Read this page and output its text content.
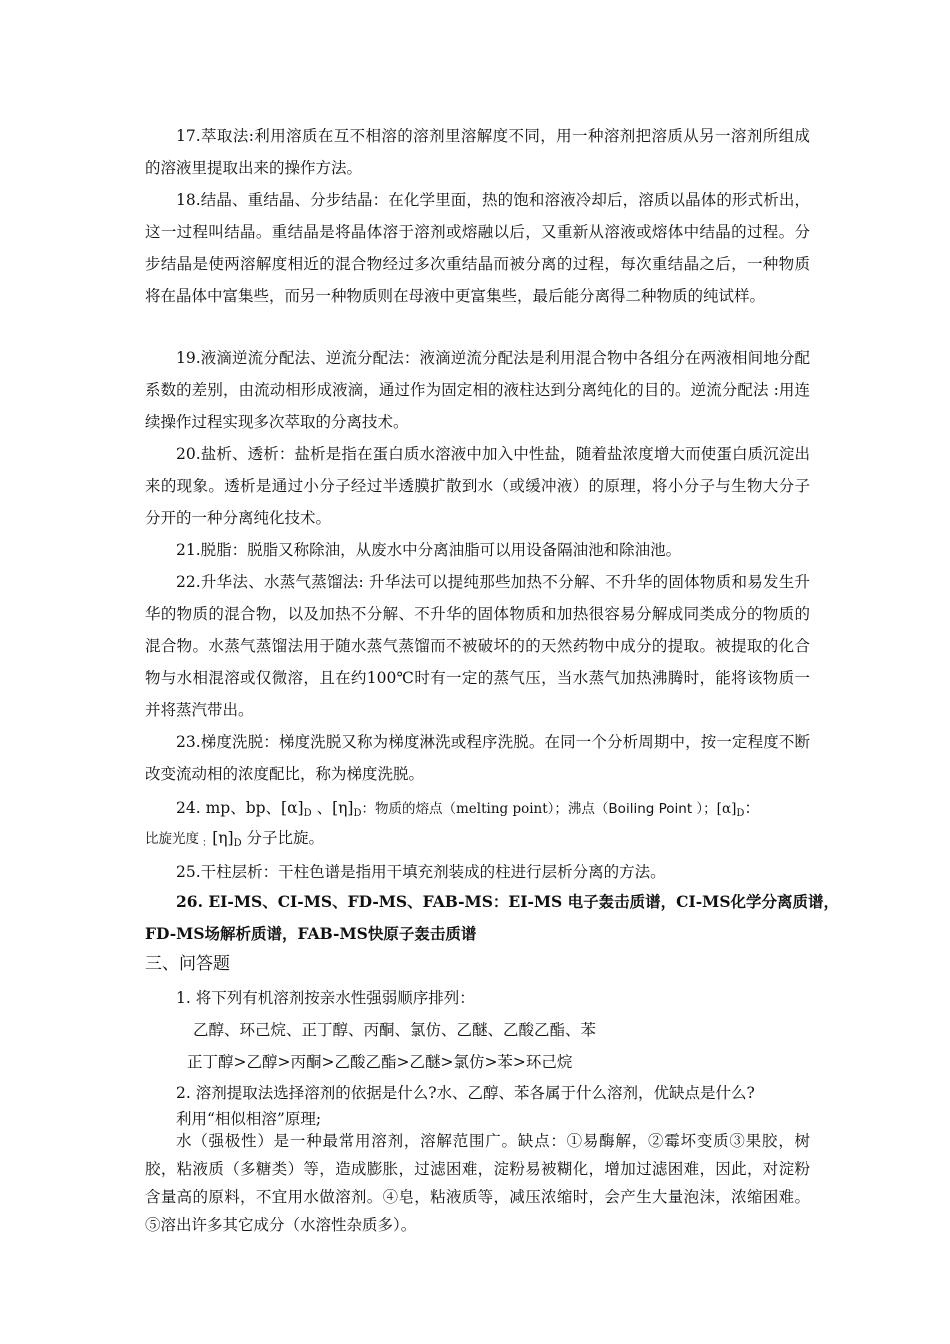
17.萃取法:利用溶质在互不相溶的溶剂里溶解度不同，用一种溶剂把溶质从另一溶剂所组成的溶液里提取出来的操作方法。

18.结晶、重结晶、分步结晶：在化学里面，热的饱和溶液冷却后，溶质以晶体的形式析出，这一过程叫结晶。重结晶是将晶体溶于溶剂或熔融以后，又重新从溶液或熔体中结晶的过程。分步结晶是使两溶解度相近的混合物经过多次重结晶而被分离的过程，每次重结晶之后，一种物质将在晶体中富集些，而另一种物质则在母液中更富集些，最后能分离得二种物质的纯试样。

19.液滴逆流分配法、逆流分配法：液滴逆流分配法是利用混合物中各组分在两液相间地分配系数的差别，由流动相形成液滴，通过作为固定相的液柱达到分离纯化的目的。逆流分配法 :用连续操作过程实现多次萃取的分离技术。

20.盐析、透析：盐析是指在蛋白质水溶液中加入中性盐，随着盐浓度增大而使蛋白质沉淀出来的现象。透析是通过小分子经过半透膜扩散到水（或缓冲液）的原理，将小分子与生物大分子分开的一种分离纯化技术。

21.脱脂：脱脂又称除油，从废水中分离油脂可以用设备隔油池和除油池。

22.升华法、水蒸气蒸馏法: 升华法可以提纯那些加热不分解、不升华的固体物质和易发生升华的物质的混合物，以及加热不分解、不升华的固体物质和加热很容易分解成同类成分的物质的混合物。水蒸气蒸馏法用于随水蒸气蒸馏而不被破坏的的天然药物中成分的提取。被提取的化合物与水相混溶或仅微溶，且在约100℃时有一定的蒸气压，当水蒸气加热沸腾时，能将该物质一并将蒸汽带出。

23.梯度洗脱：梯度洗脱又称为梯度淋洗或程序洗脱。在同一个分析周期中，按一定程度不断改变流动相的浓度配比，称为梯度洗脱。

24. mp、bp、$[\alpha]_D$ 、$[\eta]_D$：物质的熔点（melting point）；沸点（Boiling Point ）；$[\alpha]_D$：
比旋光度 $_:[\eta]_D$ 分子比旋。

25.干柱层析：干柱色谱是指用干填充剂装成的柱进行层析分离的方法。

26. EI-MS、CI-MS、FD-MS、FAB-MS：EI-MS 电子轰击质谱，CI-MS化学分离质谱，
FD-MS场解析质谱，FAB-MS快原子轰击质谱
三、问答题
1. 将下列有机溶剂按亲水性强弱顺序排列：
乙醇、环己烷、正丁醇、丙酮、氯仿、乙醚、乙酸乙酯、苯
正丁醇>乙醇>丙酮>乙酸乙酯>乙醚>氯仿>苯>环己烷
2. 溶剂提取法选择溶剂的依据是什么?水、乙醇、苯各属于什么溶剂，优缺点是什么?
利用“相似相溶”原理;

水（强极性）是一种最常用溶剂，溶解范围广。缺点：①易酶解，②霉坏变质③果胶，树胶，粘液质（多糖类）等，造成膨胀，过滤困难，淀粉易被糊化，增加过滤困难，因此，对淀粉含量高的原料，不宜用水做溶剂。④皂，粘液质等，减压浓缩时，会产生大量泡沫，浓缩困难。⑤溶出许多其它成分（水溶性杂质多）。
